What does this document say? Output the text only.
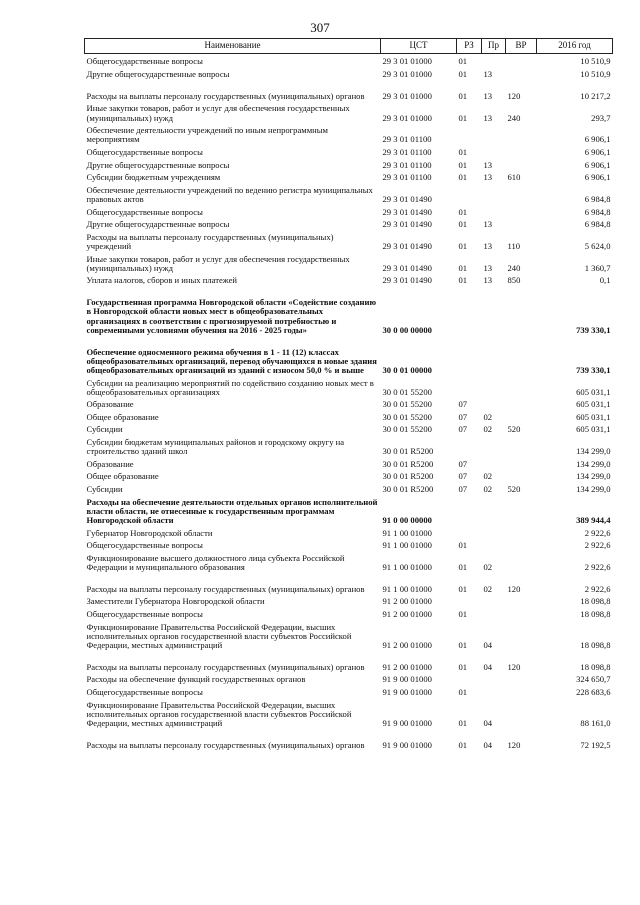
307
Наименование	ЦСТ	РЗ	Пр	ВР	2016 год
Общегосударственные вопросы	29 3 01 01000	01			10 510,9
Другие общегосударственные вопросы	29 3 01 01000	01	13		10 510,9
Расходы на выплаты персоналу государственных (муниципальных) органов	29 3 01 01000	01	13	120	10 217,2
Иные закупки товаров, работ и услуг для обеспечения государственных (муниципальных) нужд	29 3 01 01000	01	13	240	293,7
Обеспечение деятельности учреждений по иным непрограммным мероприятиям	29 3 01 01100				6 906,1
Общегосударственные вопросы	29 3 01 01100	01			6 906,1
Другие общегосударственные вопросы	29 3 01 01100	01	13		6 906,1
Субсидии бюджетным учреждениям	29 3 01 01100	01	13	610	6 906,1
Обеспечение деятельности учреждений по ведению регистра муниципальных правовых актов	29 3 01 01490				6 984,8
Общегосударственные вопросы	29 3 01 01490	01			6 984,8
Другие общегосударственные вопросы	29 3 01 01490	01	13		6 984,8
Расходы на выплаты персоналу государственных (муниципальных) учреждений	29 3 01 01490	01	13	110	5 624,0
Иные закупки товаров, работ и услуг для обеспечения государственных (муниципальных) нужд	29 3 01 01490	01	13	240	1 360,7
Уплата налогов, сборов и иных платежей	29 3 01 01490	01	13	850	0,1
Государственная программа Новгородской области «Содействие созданию в Новгородской области новых мест в общеобразовательных организациях в соответствии с прогнозируемой потребностью и современными условиями обучения на 2016 - 2025 годы»	30 0 00 00000				739 330,1
Обеспечение односменного режима обучения в 1 - 11 (12) классах общеобразовательных организаций, перевод обучающихся в новые здания общеобразовательных организаций из зданий с износом 50,0 % и выше	30 0 01 00000				739 330,1
Субсидии на реализацию мероприятий по содействию созданию новых мест в общеобразовательных организациях	30 0 01 55200				605 031,1
Образование	30 0 01 55200	07			605 031,1
Общее образование	30 0 01 55200	07	02		605 031,1
Субсидии	30 0 01 55200	07	02	520	605 031,1
Субсидии бюджетам муниципальных районов и городскому округу на строительство зданий школ	30 0 01 R5200				134 299,0
Образование	30 0 01 R5200	07			134 299,0
Общее образование	30 0 01 R5200	07	02		134 299,0
Субсидии	30 0 01 R5200	07	02	520	134 299,0
Расходы на обеспечение деятельности отдельных органов исполнительной власти области, не отнесенные к государственным программам Новгородской области	91 0 00 00000				389 944,4
Губернатор Новгородской области	91 1 00 01000				2 922,6
Общегосударственные вопросы	91 1 00 01000	01			2 922,6
Функционирование высшего должностного лица субъекта Российской Федерации и муниципального образования	91 1 00 01000	01	02		2 922,6
Расходы на выплаты персоналу государственных (муниципальных) органов	91 1 00 01000	01	02	120	2 922,6
Заместители Губернатора Новгородской области	91 2 00 01000				18 098,8
Общегосударственные вопросы	91 2 00 01000	01			18 098,8
Функционирование Правительства Российской Федерации, высших исполнительных органов государственной власти субъектов Российской Федерации, местных администраций	91 2 00 01000	01	04		18 098,8
Расходы на выплаты персоналу государственных (муниципальных) органов	91 2 00 01000	01	04	120	18 098,8
Расходы на обеспечение функций государственных органов	91 9 00 01000				324 650,7
Общегосударственные вопросы	91 9 00 01000	01			228 683,6
Функционирование Правительства Российской Федерации, высших исполнительных органов государственной власти субъектов Российской Федерации, местных администраций	91 9 00 01000	01	04		88 161,0
Расходы на выплаты персоналу государственных (муниципальных) органов	91 9 00 01000	01	04	120	72 192,5
